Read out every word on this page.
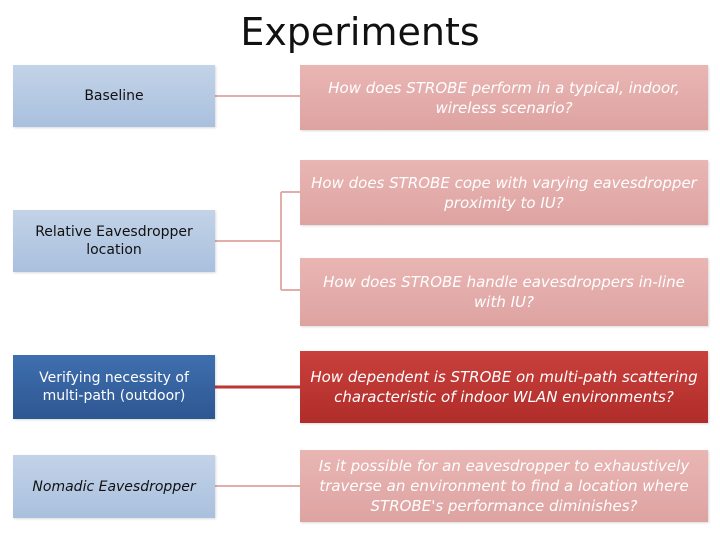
Experiments
Baseline
Relative Eavesdropper location
Verifying necessity of multi-path (outdoor)
Nomadic Eavesdropper
How does STROBE perform in a typical, indoor, wireless scenario?
How does STROBE cope with varying eavesdropper proximity to IU?
How does STROBE handle eavesdroppers in-line with IU?
How dependent is STROBE on multi-path scattering characteristic of indoor WLAN environments?
Is it possible for an eavesdropper to exhaustively traverse an environment to find a location where STROBE's performance diminishes?
